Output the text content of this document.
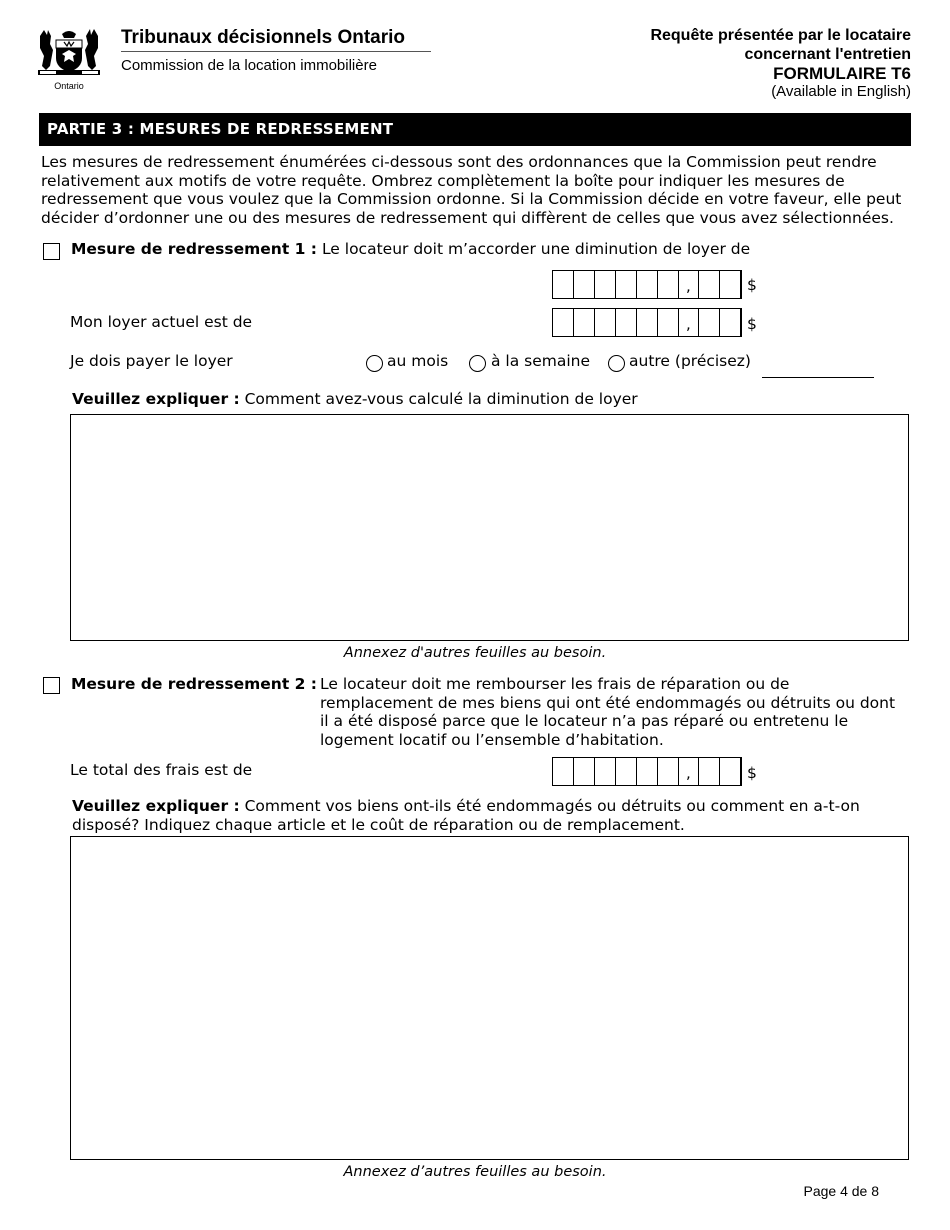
Ontario
Tribunaux décisionnels Ontario
Commission de la location immobilière
Requête présentée par le locataire
concernant l'entretien
FORMULAIRE T6
(Available in English)
PARTIE 3 : MESURES DE REDRESSEMENT
Les mesures de redressement énumérées ci-dessous sont des ordonnances que la Commission peut rendre relativement aux motifs de votre requête. Ombrez complètement la boîte pour indiquer les mesures de redressement que vous voulez que la Commission ordonne. Si la Commission décide en votre faveur, elle peut décider d’ordonner une ou des mesures de redressement qui diffèrent de celles que vous avez sélectionnées.
Mesure de redressement 1 : Le locateur doit m’accorder une diminution de loyer de
,	$
Mon loyer actuel est de	,	$
Je dois payer le loyer	au mois	à la semaine	autre (précisez)
Veuillez expliquer : Comment avez-vous calculé la diminution de loyer
Annexez d'autres feuilles au besoin.
Mesure de redressement 2 : Le locateur doit me rembourser les frais de réparation ou de
remplacement de mes biens qui ont été endommagés ou détruits ou dont
il a été disposé parce que le locateur n’a pas réparé ou entretenu le
logement locatif ou l’ensemble d’habitation.
Le total des frais est de	,	$
Veuillez expliquer : Comment vos biens ont-ils été endommagés ou détruits ou comment en a-t-on
disposé? Indiquez chaque article et le coût de réparation ou de remplacement.
Annexez d’autres feuilles au besoin.
Page 4 de 8
